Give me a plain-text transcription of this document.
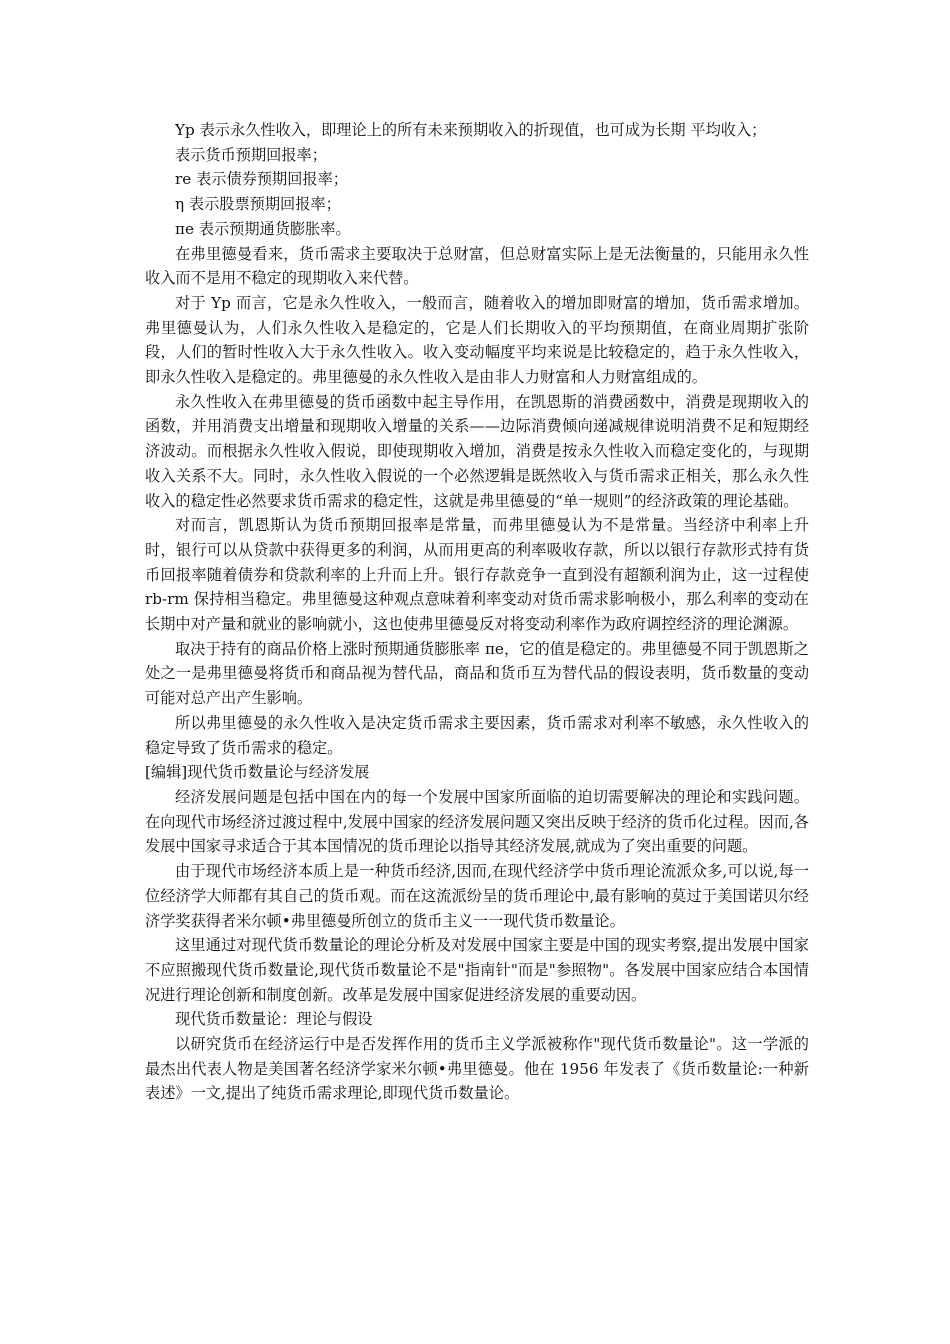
Yp 表示永久性收入，即理论上的所有未来预期收入的折现值，也可成为长期 平均收入；

表示货币预期回报率；

re 表示债券预期回报率；

η 表示股票预期回报率；

πe 表示预期通货膨胀率。

在弗里德曼看来，货币需求主要取决于总财富，但总财富实际上是无法衡量的，只能用永久性收入而不是用不稳定的现期收入来代替。

对于 Yp 而言，它是永久性收入，一般而言，随着收入的增加即财富的增加，货币需求增加。弗里德曼认为，人们永久性收入是稳定的，它是人们长期收入的平均预期值，在商业周期扩张阶段，人们的暂时性收入大于永久性收入。收入变动幅度平均来说是比较稳定的，趋于永久性收入，即永久性收入是稳定的。弗里德曼的永久性收入是由非人力财富和人力财富组成的。

永久性收入在弗里德曼的货币函数中起主导作用，在凯恩斯的消费函数中，消费是现期收入的函数，并用消费支出增量和现期收入增量的关系——边际消费倾向递减规律说明消费不足和短期经济波动。而根据永久性收入假说，即使现期收入增加，消费是按永久性收入而稳定变化的，与现期收入关系不大。同时，永久性收入假说的一个必然逻辑是既然收入与货币需求正相关，那么永久性收入的稳定性必然要求货币需求的稳定性，这就是弗里德曼的“单一规则”的经济政策的理论基础。

对而言，凯恩斯认为货币预期回报率是常量，而弗里德曼认为不是常量。当经济中利率上升时，银行可以从贷款中获得更多的利润，从而用更高的利率吸收存款，所以以银行存款形式持有货币回报率随着债券和贷款利率的上升而上升。银行存款竞争一直到没有超额利润为止，这一过程使 rb-rm 保持相当稳定。弗里德曼这种观点意味着利率变动对货币需求影响极小，那么利率的变动在长期中对产量和就业的影响就小，这也使弗里德曼反对将变动利率作为政府调控经济的理论渊源。

取决于持有的商品价格上涨时预期通货膨胀率 πe，它的值是稳定的。弗里德曼不同于凯恩斯之处之一是弗里德曼将货币和商品视为替代品，商品和货币互为替代品的假设表明，货币数量的变动可能对总产出产生影响。

所以弗里德曼的永久性收入是决定货币需求主要因素，货币需求对利率不敏感，永久性收入的稳定导致了货币需求的稳定。

[编辑]现代货币数量论与经济发展

经济发展问题是包括中国在内的每一个发展中国家所面临的迫切需要解决的理论和实践问题。在向现代市场经济过渡过程中,发展中国家的经济发展问题又突出反映于经济的货币化过程。因而,各发展中国家寻求适合于其本国情况的货币理论以指导其经济发展,就成为了突出重要的问题。

由于现代市场经济本质上是一种货币经济,因而,在现代经济学中货币理论流派众多,可以说,每一位经济学大师都有其自己的货币观。而在这流派纷呈的货币理论中,最有影响的莫过于美国诺贝尔经济学奖获得者米尔顿•弗里德曼所创立的货币主义一一现代货币数量论。

这里通过对现代货币数量论的理论分析及对发展中国家主要是中国的现实考察,提出发展中国家不应照搬现代货币数量论,现代货币数量论不是"指南针"而是"参照物"。各发展中国家应结合本国情况进行理论创新和制度创新。改革是发展中国家促进经济发展的重要动因。

现代货币数量论：理论与假设

以研究货币在经济运行中是否发挥作用的货币主义学派被称作"现代货币数量论"。这一学派的最杰出代表人物是美国著名经济学家米尔顿•弗里德曼。他在 1956 年发表了《货币数量论:一种新表述》一文,提出了纯货币需求理论,即现代货币数量论。
